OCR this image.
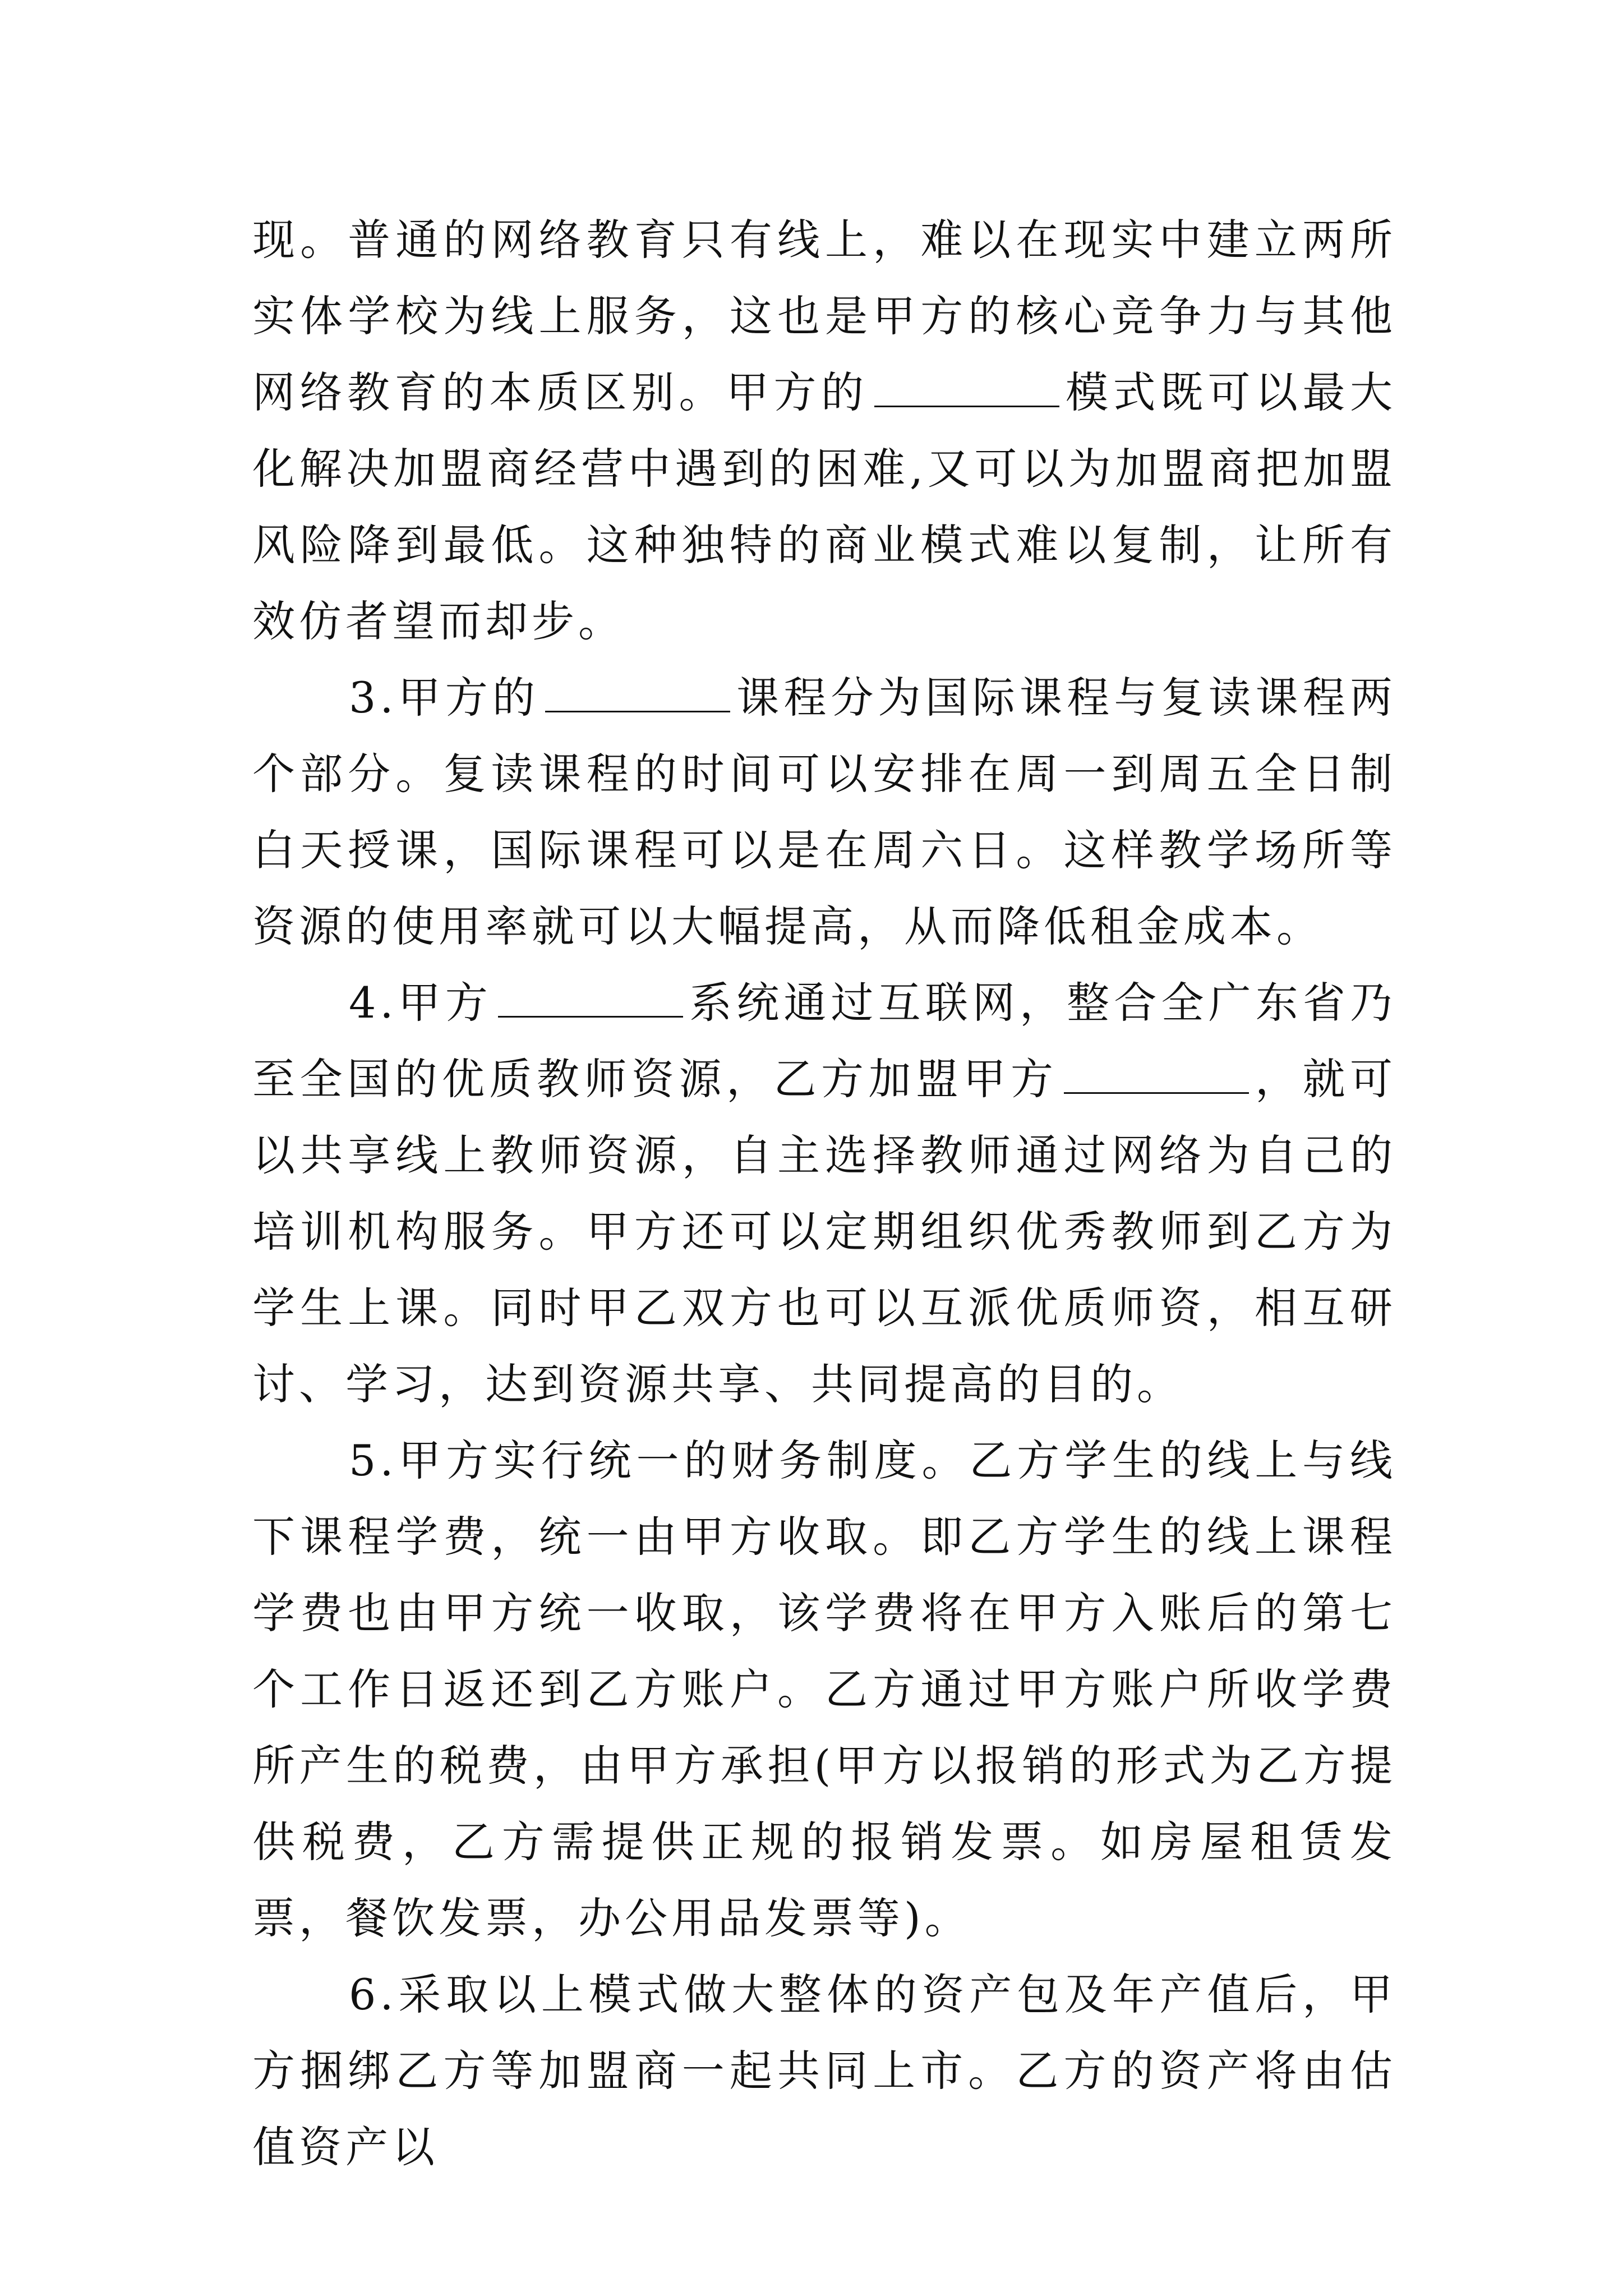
现。普通的网络教育只有线上，难以在现实中建立两所实体学校为线上服务，这也是甲方的核心竞争力与其他网络教育的本质区别。甲方的	模式既可以最大化解决加盟商经营中遇到的困难,又可以为加盟商把加盟风险降到最低。这种独特的商业模式难以复制，让所有效仿者望而却步。

3.甲方的	课程分为国际课程与复读课程两个部分。复读课程的时间可以安排在周一到周五全日制白天授课，国际课程可以是在周六日。这样教学场所等资源的使用率就可以大幅提高，从而降低租金成本。

4.甲方	系统通过互联网，整合全广东省乃至全国的优质教师资源，乙方加盟甲方	，就可以共享线上教师资源，自主选择教师通过网络为自己的培训机构服务。甲方还可以定期组织优秀教师到乙方为学生上课。同时甲乙双方也可以互派优质师资，相互研讨、学习，达到资源共享、共同提高的目的。

5.甲方实行统一的财务制度。乙方学生的线上与线下课程学费，统一由甲方收取。即乙方学生的线上课程学费也由甲方统一收取，该学费将在甲方入账后的第七个工作日返还到乙方账户。乙方通过甲方账户所收学费所产生的税费，由甲方承担(甲方以报销的形式为乙方提供税费，乙方需提供正规的报销发票。如房屋租赁发票，餐饮发票，办公用品发票等)。

6.采取以上模式做大整体的资产包及年产值后，甲方捆绑乙方等加盟商一起共同上市。乙方的资产将由估值资产以
